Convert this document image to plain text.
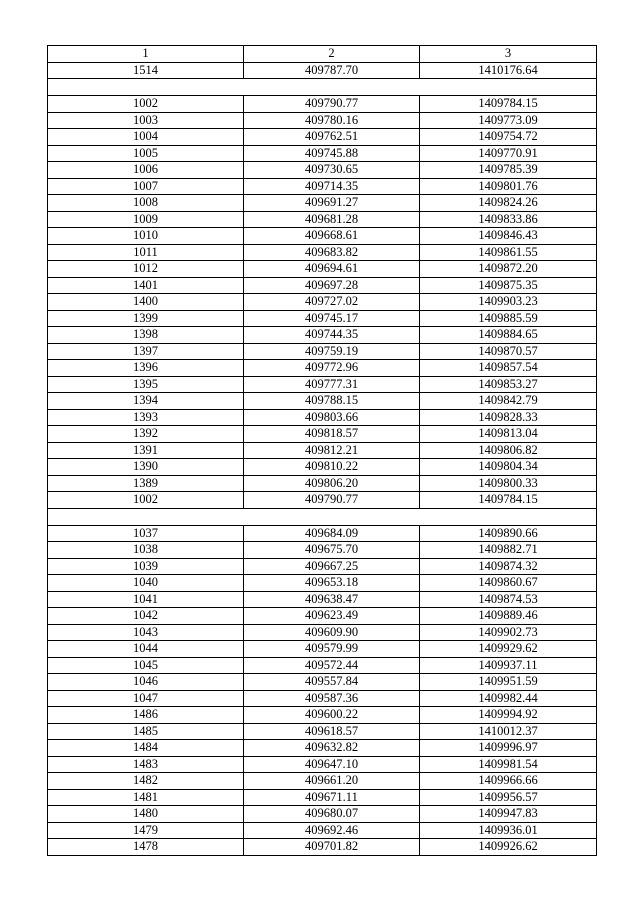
1	2	3
1514	409787.70	1410176.64

1002	409790.77	1409784.15
1003	409780.16	1409773.09
1004	409762.51	1409754.72
1005	409745.88	1409770.91
1006	409730.65	1409785.39
1007	409714.35	1409801.76
1008	409691.27	1409824.26
1009	409681.28	1409833.86
1010	409668.61	1409846.43
1011	409683.82	1409861.55
1012	409694.61	1409872.20
1401	409697.28	1409875.35
1400	409727.02	1409903.23
1399	409745.17	1409885.59
1398	409744.35	1409884.65
1397	409759.19	1409870.57
1396	409772.96	1409857.54
1395	409777.31	1409853.27
1394	409788.15	1409842.79
1393	409803.66	1409828.33
1392	409818.57	1409813.04
1391	409812.21	1409806.82
1390	409810.22	1409804.34
1389	409806.20	1409800.33
1002	409790.77	1409784.15

1037	409684.09	1409890.66
1038	409675.70	1409882.71
1039	409667.25	1409874.32
1040	409653.18	1409860.67
1041	409638.47	1409874.53
1042	409623.49	1409889.46
1043	409609.90	1409902.73
1044	409579.99	1409929.62
1045	409572.44	1409937.11
1046	409557.84	1409951.59
1047	409587.36	1409982.44
1486	409600.22	1409994.92
1485	409618.57	1410012.37
1484	409632.82	1409996.97
1483	409647.10	1409981.54
1482	409661.20	1409966.66
1481	409671.11	1409956.57
1480	409680.07	1409947.83
1479	409692.46	1409936.01
1478	409701.82	1409926.62
